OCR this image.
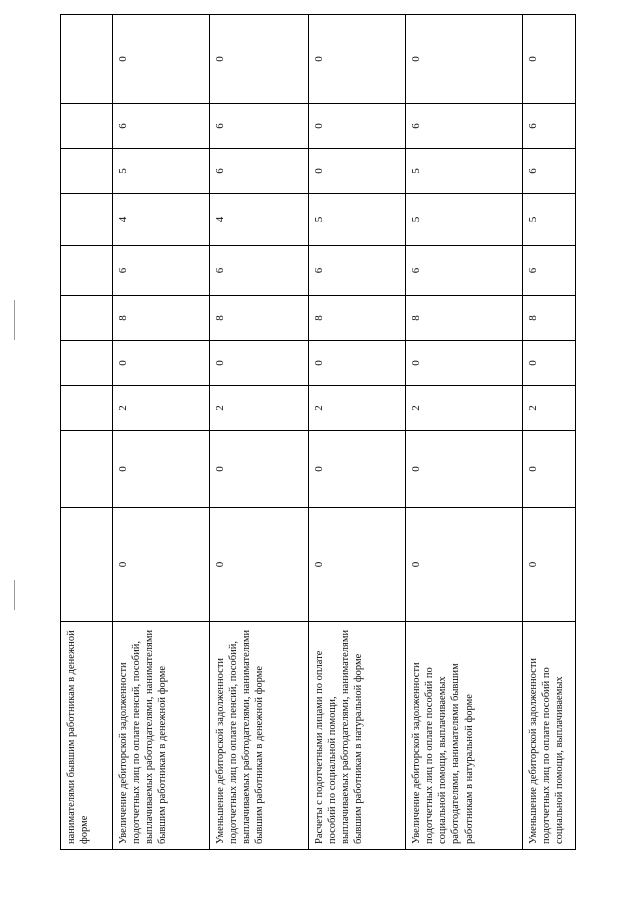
нанимателями бывшим работникам в денежной форме										
Увеличение дебиторской задолженности подотчетных лиц по оплате пенсий, пособий, выплачиваемых работодателями, нанимателями бывшим работникам в денежной форме	0	0	2	0	8	6	4	5	6	0
Уменьшение дебиторской задолженности подотчетных лиц по оплате пенсий, пособий, выплачиваемых работодателями, нанимателями бывшим работникам в денежной форме	0	0	2	0	8	6	4	6	6	0
Расчеты с подотчетными лицами по оплате пособий по социальной помощи, выплачиваемых работодателями, нанимателями бывшим работникам в натуральной форме	0	0	2	0	8	6	5	0	0	0
Увеличение дебиторской задолженности подотчетных лиц по оплате пособий по социальной помощи, выплачиваемых работодателями, нанимателями бывшим работникам в натуральной форме	0	0	2	0	8	6	5	5	6	0
Уменьшение дебиторской задолженности подотчетных лиц по оплате пособий по социальной помощи, выплачиваемых	0	0	2	0	8	6	5	6	6	0
